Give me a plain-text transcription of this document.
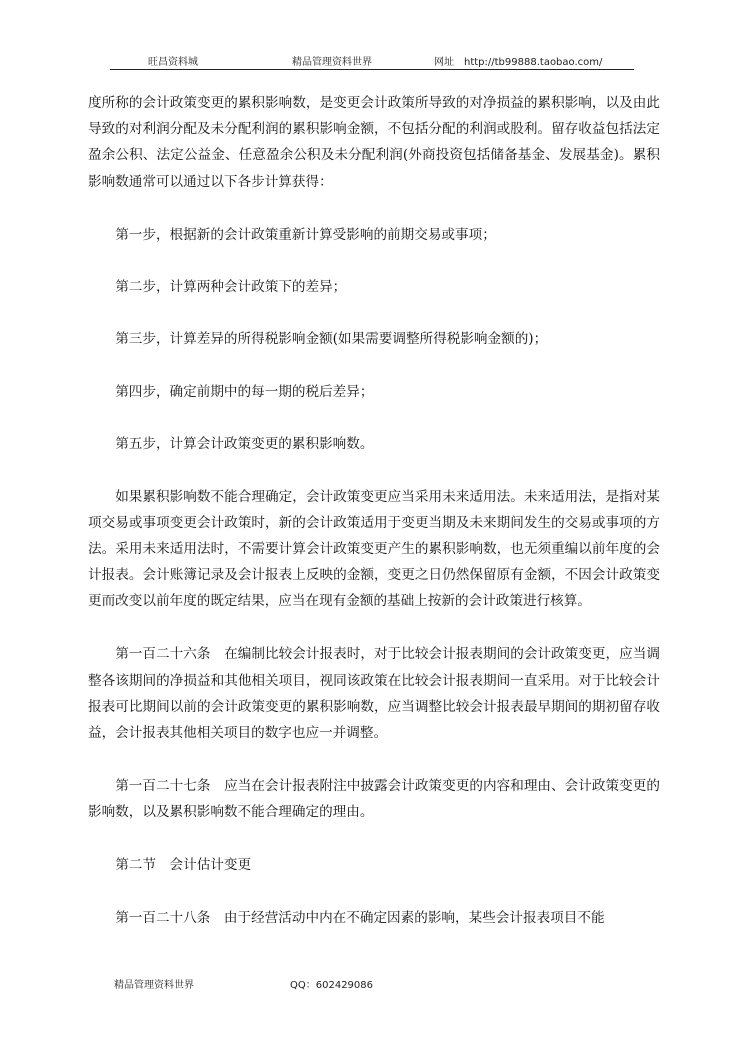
旺昌资料城	精品管理资料世界	网址　http://tb99888.taobao.com/

度所称的会计政策变更的累积影响数，是变更会计政策所导致的对净损益的累积影响，以及由此导致的对利润分配及未分配利润的累积影响金额，不包括分配的利润或股利。留存收益包括法定盈余公积、法定公益金、任意盈余公积及未分配利润(外商投资包括储备基金、发展基金)。累积影响数通常可以通过以下各步计算获得：

第一步，根据新的会计政策重新计算受影响的前期交易或事项；

第二步，计算两种会计政策下的差异；

第三步，计算差异的所得税影响金额(如果需要调整所得税影响金额的)；

第四步，确定前期中的每一期的税后差异；

第五步，计算会计政策变更的累积影响数。

如果累积影响数不能合理确定，会计政策变更应当采用未来适用法。未来适用法，是指对某项交易或事项变更会计政策时，新的会计政策适用于变更当期及未来期间发生的交易或事项的方法。采用未来适用法时，不需要计算会计政策变更产生的累积影响数，也无须重编以前年度的会计报表。会计账簿记录及会计报表上反映的金额，变更之日仍然保留原有金额，不因会计政策变更而改变以前年度的既定结果，应当在现有金额的基础上按新的会计政策进行核算。

第一百二十六条　在编制比较会计报表时，对于比较会计报表期间的会计政策变更，应当调整各该期间的净损益和其他相关项目，视同该政策在比较会计报表期间一直采用。对于比较会计报表可比期间以前的会计政策变更的累积影响数，应当调整比较会计报表最早期间的期初留存收益，会计报表其他相关项目的数字也应一并调整。

第一百二十七条　应当在会计报表附注中披露会计政策变更的内容和理由、会计政策变更的影响数，以及累积影响数不能合理确定的理由。

第二节　会计估计变更

第一百二十八条　由于经营活动中内在不确定因素的影响，某些会计报表项目不能

精品管理资料世界	QQ：602429086
